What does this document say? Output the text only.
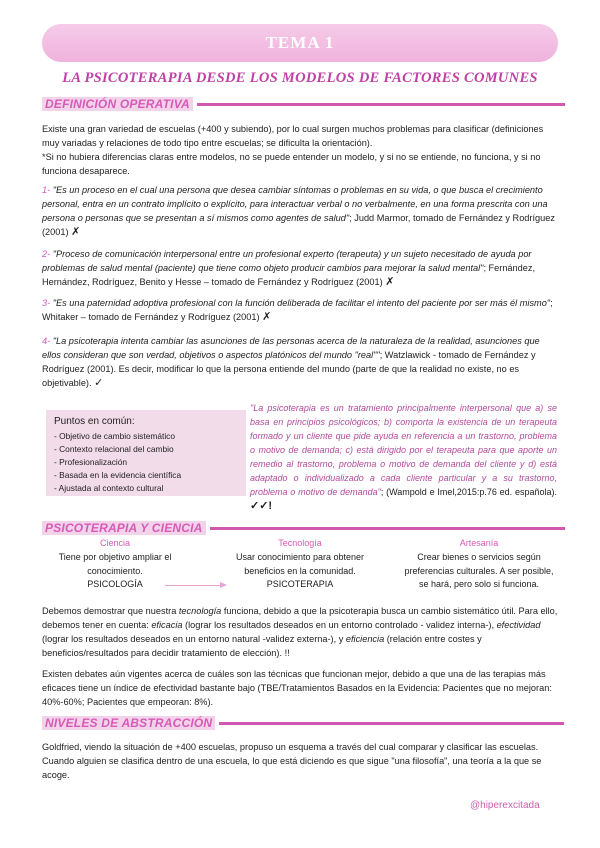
TEMA 1
LA PSICOTERAPIA DESDE LOS MODELOS DE FACTORES COMUNES
DEFINICIÓN OPERATIVA

Existe una gran variedad de escuelas (+400 y subiendo), por lo cual surgen muchos problemas para clasificar (definiciones muy variadas y relaciones de todo tipo entre escuelas; se dificulta la orientación).

*Si no hubiera diferencias claras entre modelos, no se puede entender un modelo, y si no se entiende, no funciona, y si no funciona desaparece.

1- "Es un proceso en el cual una persona que desea cambiar síntomas o problemas en su vida, o que busca el crecimiento personal, entra en un contrato implícito o explícito, para interactuar verbal o no verbalmente, en una forma prescrita con una persona o personas que se presentan a sí mismos como agentes de salud"; Judd Marmor, tomado de Fernández y Rodríguez (2001) ✗

2- "Proceso de comunicación interpersonal entre un profesional experto (terapeuta) y un sujeto necesitado de ayuda por problemas de salud mental (paciente) que tiene como objeto producir cambios para mejorar la salud mental"; Fernández, Hernández, Rodríguez, Benito y Hesse – tomado de Fernández y Rodríguez (2001) ✗

3- "Es una paternidad adoptiva profesional con la función deliberada de facilitar el intento del paciente por ser más él mismo"; Whitaker – tomado de Fernández y Rodríguez (2001) ✗

4- "La psicoterapia intenta cambiar las asunciones de las personas acerca de la naturaleza de la realidad, asunciones que ellos consideran que son verdad, objetivos o aspectos platónicos del mundo "real""; Watzlawick - tomado de Fernández y Rodríguez (2001). Es decir, modificar lo que la persona entiende del mundo (parte de que la realidad no existe, no es objetivable). ✓

Puntos en común:
- Objetivo de cambio sistemático
- Contexto relacional del cambio
- Profesionalización
- Basada en la evidencia científica
- Ajustada al contexto cultural
"La psicoterapia es un tratamiento principalmente interpersonal que a) se basa en principios psicológicos; b) comporta la existencia de un terapeuta formado y un cliente que pide ayuda en referencia a un trastorno, problema o motivo de demanda; c) está dirigido por el terapeuta para que aporte un remedio al trastorno, problema o motivo de demanda del cliente y d) está adaptado o individualizado a cada cliente particular y a su trastorno, problema o motivo de demanda"; (Wampold e Imel,2015:p.76 ed. española). ✓✓!
PSICOTERAPIA Y CIENCIA
Ciencia
Tiene por objetivo ampliar el conocimiento.
PSICOLOGÍA
Tecnología
Usar conocimiento para obtener beneficios en la comunidad.
PSICOTERAPIA
Artesanía
Crear bienes o servicios según preferencias culturales. A ser posible, se hará, pero solo si funciona.

Debemos demostrar que nuestra tecnología funciona, debido a que la psicoterapia busca un cambio sistemático útil. Para ello, debemos tener en cuenta: eficacia (lograr los resultados deseados en un entorno controlado - validez interna-), efectividad (lograr los resultados deseados en un entorno natural -validez externa-), y eficiencia (relación entre costes y beneficios/resultados para decidir tratamiento de elección). !!

Existen debates aún vigentes acerca de cuáles son las técnicas que funcionan mejor, debido a que una de las terapias más eficaces tiene un índice de efectividad bastante bajo (TBE/Tratamientos Basados en la Evidencia: Pacientes que no mejoran: 40%-60%; Pacientes que empeoran: 8%).
NIVELES DE ABSTRACCIÓN
Goldfried, viendo la situación de +400 escuelas, propuso un esquema a través del cual comparar y clasificar las escuelas. Cuando alguien se clasifica dentro de una escuela, lo que está diciendo es que sigue "una filosofía", una teoría a la que se acoge.
@hiperexcitada
